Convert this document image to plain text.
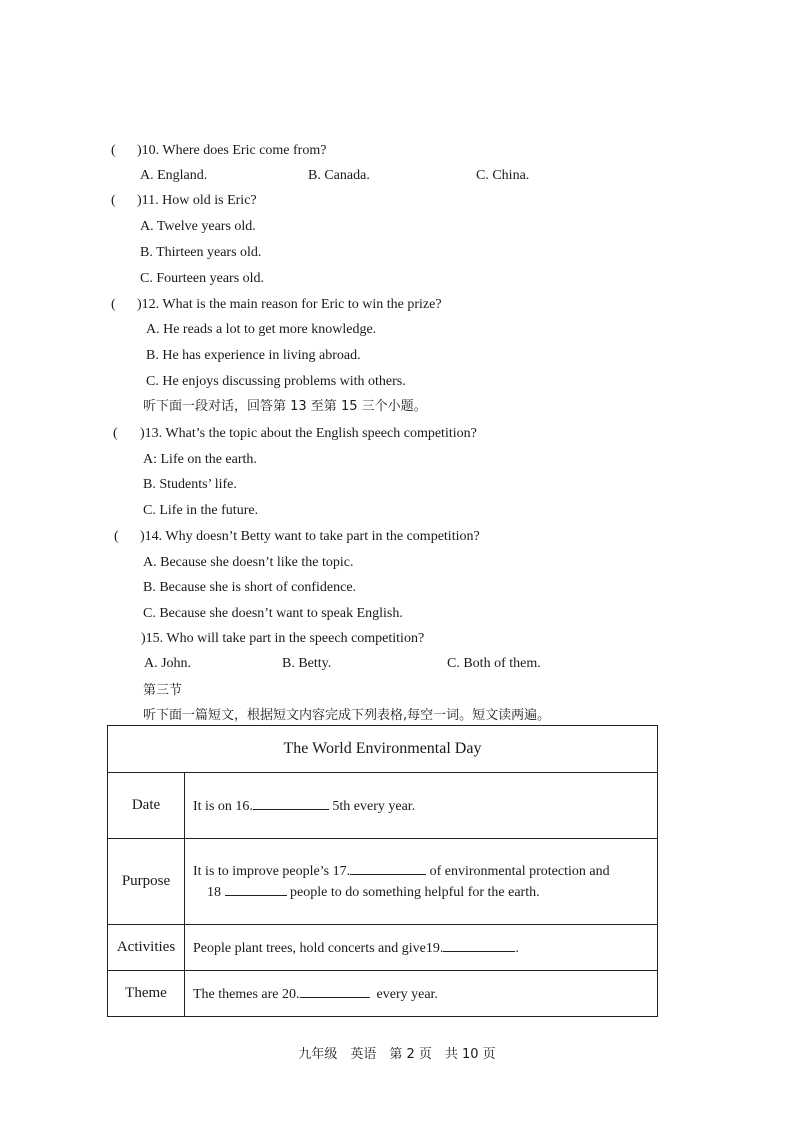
( )10. Where does Eric come from?
A. England.	B. Canada.	C. China.
( )11. How old is Eric?
A. Twelve years old.
B. Thirteen years old.
C. Fourteen years old.
( )12. What is the main reason for Eric to win the prize?
A. He reads a lot to get more knowledge.
B. He has experience in living abroad.
C. He enjoys discussing problems with others.
听下面一段对话，回答第 13 至第 15 三个小题。
( )13. What’s the topic about the English speech competition?
A: Life on the earth.
B. Students’ life.
C. Life in the future.
( )14. Why doesn’t Betty want to take part in the competition?
A. Because she doesn’t like the topic.
B. Because she is short of confidence.
C. Because she doesn’t want to speak English.
)15. Who will take part in the speech competition?
A. John.	B. Betty.	C. Both of them.
第三节
听下面一篇短文，根据短文内容完成下列表格,每空一词。短文读两遍。
The World Environmental Day	
Date	It is on 16. 5th every year.
Purpose	It is to improve people’s 17. of environmental protection and
18 people to do something helpful for the earth.

Activities	People plant trees, hold concerts and give19. .
Theme	The themes are 20. every year.
九年级　英语　第 2 页　共 10 页
